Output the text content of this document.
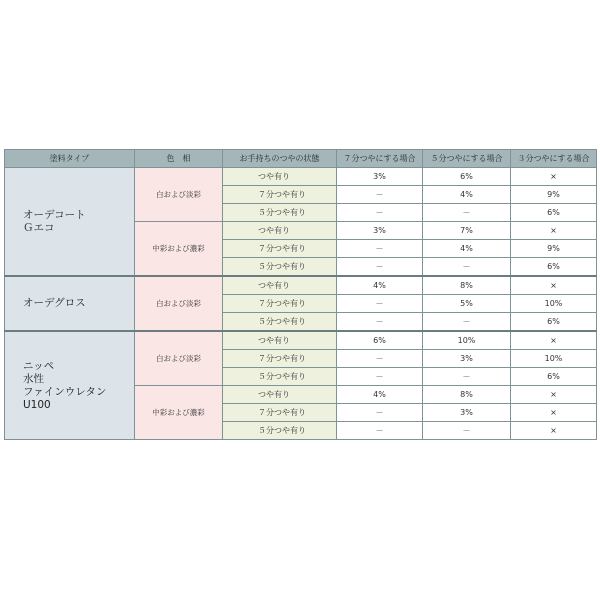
塗料タイプ	色　相	お手持ちのつやの状態	７分つやにする場合	５分つやにする場合	３分つやにする場合

オーデコート
Ｇエコ	白および淡彩	つや有り	3%	6%	×
		７分つや有り	－	4%	9%
		５分つや有り	－	－	6%
	中彩および濃彩	つや有り	3%	7%	×
		７分つや有り	－	4%	9%
		５分つや有り	－	－	6%

オーデグロス	白および淡彩	つや有り	4%	8%	×
		７分つや有り	－	5%	10%
		５分つや有り	－	－	6%

ニッペ
水性
ファインウレタン
U100	白および淡彩	つや有り	6%	10%	×
		７分つや有り	－	3%	10%
		５分つや有り	－	－	6%
	中彩および濃彩	つや有り	4%	8%	×
		７分つや有り	－	3%	×
		５分つや有り	－	－	×
